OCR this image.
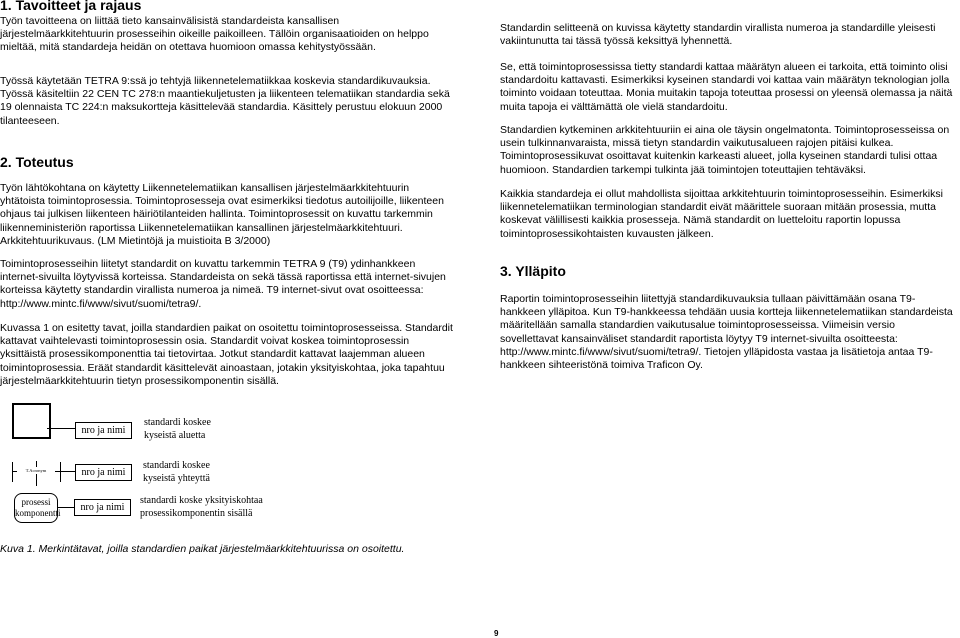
1. Tavoitteet ja rajaus

Työn tavoitteena on liittää tieto kansainvälisistä standardeista kansallisen järjestelmäarkkitehtuurin prosesseihin oikeille paikoilleen. Tällöin organisaatioiden on helppo mieltää, mitä standardeja heidän on otettava huomioon omassa kehitystyössään.

Työssä käytetään TETRA 9:ssä jo tehtyjä liikennetelematiikkaa koskevia standardikuvauksia. Työssä käsiteltiin 22 CEN TC 278:n maantiekuljetusten ja liikenteen telematiikan standardia sekä 19 olennaista TC 224:n maksukortteja käsittelevää standardia. Käsittely perustuu elokuun 2000 tilanteeseen.

2. Toteutus

Työn lähtökohtana on käytetty Liikennetelematiikan kansallisen järjestelmäarkkitehtuurin yhtätoista toimintoprosessia. Toimintoprosesseja ovat esimerkiksi tiedotus autoilijoille, liikenteen ohjaus tai julkisen liikenteen häiriötilanteiden hallinta. Toimintoprosessit on kuvattu tarkemmin liikenneministeriön raportissa Liikennetelematiikan kansallinen järjestelmäarkkitehtuuri. Arkkitehtuurikuvaus. (LM Mietintöjä ja muistioita B 3/2000)

Toimintoprosesseihin liitetyt standardit on kuvattu tarkemmin TETRA 9 (T9) ydinhankkeen internet-sivuilta löytyvissä korteissa. Standardeista on sekä tässä raportissa että internet-sivujen korteissa käytetty standardin virallista numeroa ja nimeä. T9 internet-sivut ovat osoitteessa: http://www.mintc.fi/www/sivut/suomi/tetra9/.

Kuvassa 1 on esitetty tavat, joilla standardien paikat on osoitettu toimintoprosesseissa. Standardit kattavat vaihtelevasti toimintoprosessin osia. Standardit voivat koskea toimintoprosessin yksittäistä prosessikomponenttia tai tietovirtaa. Jotkut standardit kattavat laajemman alueen toimintoprosessia. Eräät standardit käsittelevät ainoastaan, jotakin yksityiskohtaa, joka tapahtuu järjestelmäarkkitehtuurin tietyn prosessikomponentin sisällä.

Standardin selitteenä on kuvissa käytetty standardin virallista numeroa ja standardille yleisesti vakiintunutta tai tässä työssä keksittyä lyhennettä.

Se, että toimintoprosessissa tietty standardi kattaa määrätyn alueen ei tarkoita, että toiminto olisi standardoitu kattavasti. Esimerkiksi kyseinen standardi voi kattaa vain määrätyn teknologian jolla toiminto voidaan toteuttaa. Monia muitakin tapoja toteuttaa prosessi on yleensä olemassa ja näitä muita tapoja ei välttämättä ole vielä standardoitu.

Standardien kytkeminen arkkitehtuuriin ei aina ole täysin ongelmatonta. Toimintoprosesseissa on usein tulkinnanvaraista, missä tietyn standardin vaikutusalueen rajojen pitäisi kulkea. Toimintoprosessikuvat osoittavat kuitenkin karkeasti alueet, jolla kyseinen standardi tulisi ottaa huomioon. Standardien tarkempi tulkinta jää toimintojen toteuttajien tehtäväksi.

Kaikkia standardeja ei ollut mahdollista sijoittaa arkkitehtuurin toimintoprosesseihin. Esimerkiksi liikennetelematiikan terminologian standardit eivät määrittele suoraan mitään prosessia, mutta koskevat välillisesti kaikkia prosesseja. Nämä standardit on luetteloitu raportin lopussa toimintoprosessikohtaisten kuvausten jälkeen.

3. Ylläpito

Raportin toimintoprosesseihin liitettyjä standardikuvauksia tullaan päivittämään osana T9-hankkeen ylläpitoa. Kun T9-hankkeessa tehdään uusia kortteja liikennetelematiikan standardeista määritellään samalla standardien vaikutusalue toimintoprosesseissa. Viimeisin versio sovellettavat kansainväliset standardit raportista löytyy T9 internet-sivuilta osoitteesta: http://www.mintc.fi/www/sivut/suomi/tetra9/. Tietojen ylläpidosta vastaa ja lisätietoja antaa T9-hankkeen sihteeristönä toimiva Traficon Oy.

nro ja nimi
standardi koskee
kyseistä aluetta
T.Acronym	nro ja nimi
standardi koskee
kyseistä yhteyttä
prosessi
komponentti	nro ja nimi
standardi koske yksityiskohtaa
prosessikomponentin sisällä
Kuva 1. Merkintätavat, joilla standardien paikat järjestelmäarkkitehtuurissa on osoitettu.
9
